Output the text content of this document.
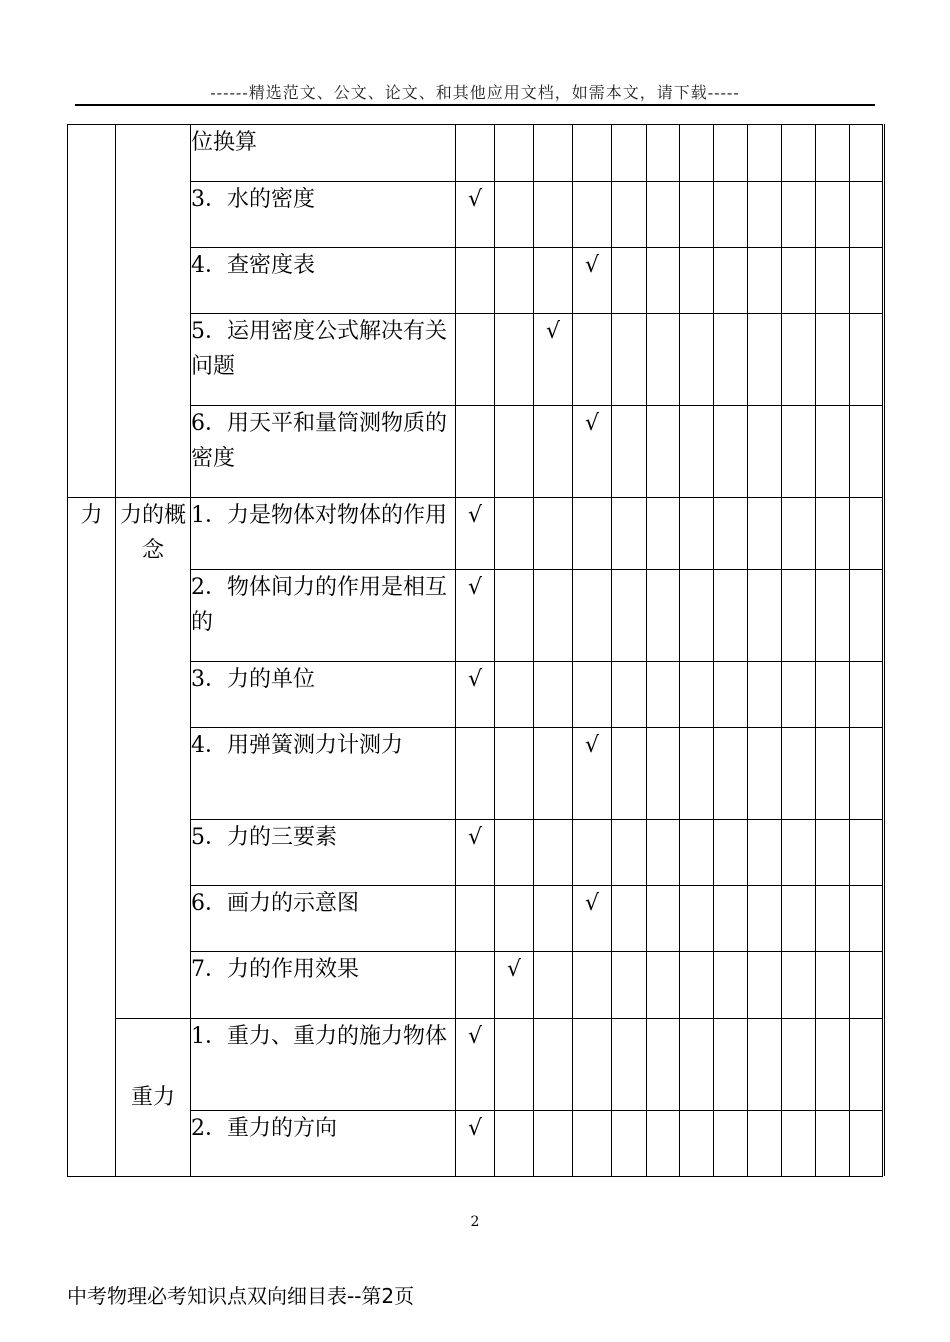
------精选范文、公文、论文、和其他应用文档，如需本文，请下载-----
		位换算												
		3．水的密度	√											
		4．查密度表				√								
		5．运用密度公式解决有关问题			√									
		6．用天平和量筒测物质的密度				√								
力	力的概念	1．力是物体对物体的作用	√											
		2．物体间力的作用是相互的	√											
		3．力的单位	√											
		4．用弹簧测力计测力				√								
		5．力的三要素	√											
		6．画力的示意图				√								
		7．力的作用效果		√										
	重力	1．重力、重力的施力物体	√											
		2．重力的方向	√											
2
中考物理必考知识点双向细目表--第2页
